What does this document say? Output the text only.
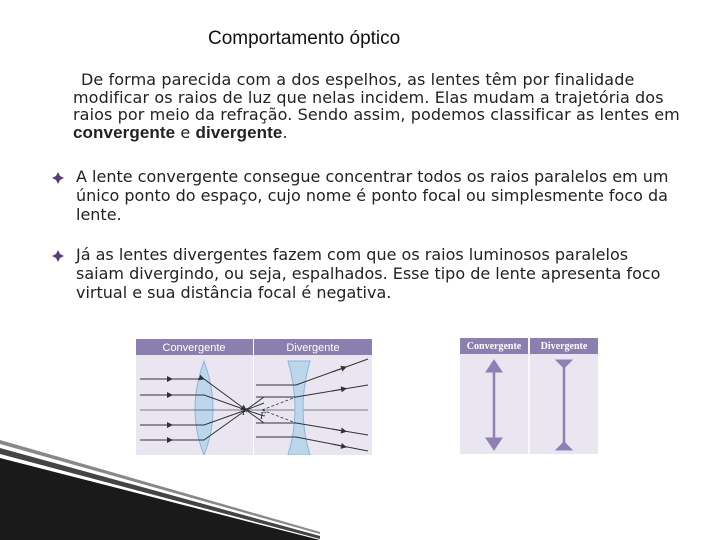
Comportamento óptico
De forma parecida com a dos espelhos, as lentes têm por finalidade modificar os raios de luz que nelas incidem. Elas mudam a trajetória dos raios por meio da refração. Sendo assim, podemos classificar as lentes em convergente e divergente.
A lente convergente consegue concentrar todos os raios paralelos em um único ponto do espaço, cujo nome é ponto focal ou simplesmente foco da lente.
Já as lentes divergentes fazem com que os raios luminosos paralelos saiam divergindo, ou seja, espalhados. Esse tipo de lente apresenta foco virtual e sua distância focal é negativa.
Convergente	Divergente
F F
Convergente Divergente
